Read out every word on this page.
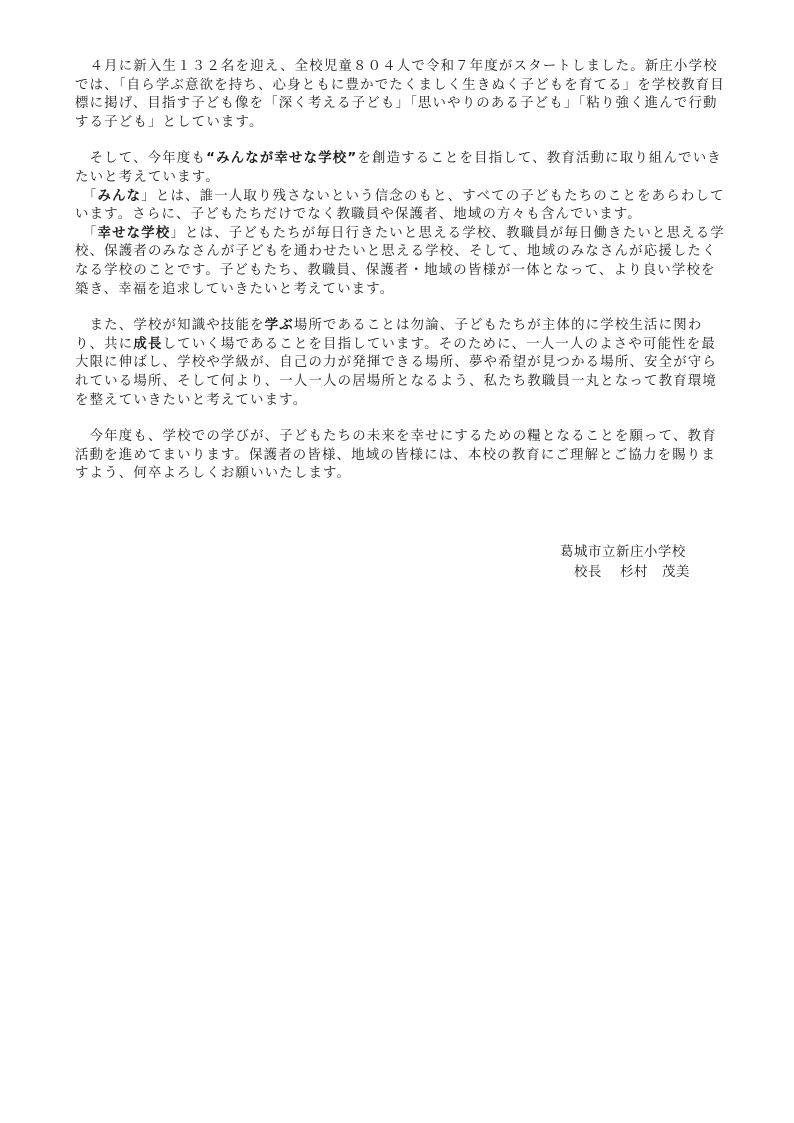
　４月に新入生１３２名を迎え、全校児童８０４人で令和７年度がスタートしました。新庄小学校では、「自ら学ぶ意欲を持ち、心身ともに豊かでたくましく生きぬく子どもを育てる」を学校教育目標に掲げ、目指す子ども像を「深く考える子ども」「思いやりのある子ども」「粘り強く進んで行動する子ども」としています。

　そして、今年度も“みんなが幸せな学校”を創造することを目指して、教育活動に取り組んでいきたいと考えています。

　「みんな」とは、誰一人取り残さないという信念のもと、すべての子どもたちのことをあらわしています。さらに、子どもたちだけでなく教職員や保護者、地域の方々も含んでいます。

　「幸せな学校」とは、子どもたちが毎日行きたいと思える学校、教職員が毎日働きたいと思える学校、保護者のみなさんが子どもを通わせたいと思える学校、そして、地域のみなさんが応援したくなる学校のことです。子どもたち、教職員、保護者・地域の皆様が一体となって、より良い学校を築き、幸福を追求していきたいと考えています。

　また、学校が知識や技能を学ぶ場所であることは勿論、子どもたちが主体的に学校生活に関わり、共に成長していく場であることを目指しています。そのために、一人一人のよさや可能性を最大限に伸ばし、学校や学級が、自己の力が発揮できる場所、夢や希望が見つかる場所、安全が守られている場所、そして何より、一人一人の居場所となるよう、私たち教職員一丸となって教育環境を整えていきたいと考えています。

　今年度も、学校での学びが、子どもたちの未来を幸せにするための糧となることを願って、教育活動を進めてまいります。保護者の皆様、地域の皆様には、本校の教育にご理解とご協力を賜りますよう、何卒よろしくお願いいたします。

葛城市立新庄小学校
校長 杉村　茂美
